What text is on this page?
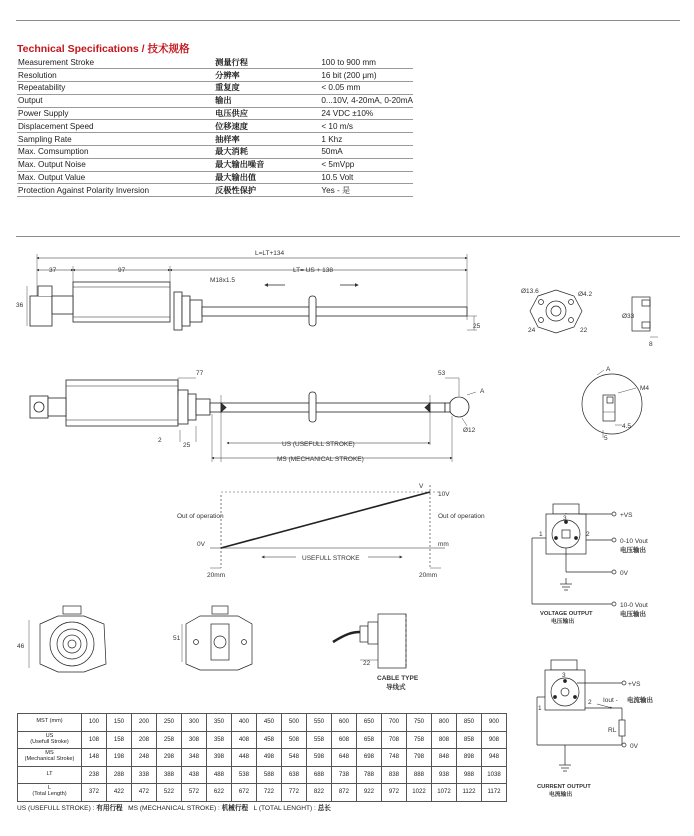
Technical Specifications / 技术规格
Measurement Stroke	测量行程	100 to 900 mm
Resolution	分辨率	16 bit (200 μm)
Repeatability	重复度	< 0.05 mm
Output	输出	0...10V, 4-20mA, 0-20mA
Power Supply	电压供应	24 VDC ±10%
Displacement Speed	位移速度	< 10 m/s
Sampling Rate	抽样率	1 Khz
Max. Comsumption	最大消耗	50mA
Max. Output Noise	最大输出噪音	< 5mVpp
Max. Output Value	最大输出值	10.5 Volt
Protection Against Polarity Inversion	反极性保护	Yes - 是
L=LT+134
37	97	LT= US + 138
M18x1.5
36
25
Ø13.6	Ø4.2
24	22
Ø33
8
77	53
A
2
25
Ø12
US (USEFULL STROKE)
MS (MECHANICAL STROKE)
A
M4
4.5
5
V
10V
0V	mm
Out of operation	Out of operation
USEFULL STROKE
20mm	20mm
46
51
22
CABLE TYPE
导线式
+VS
0-10 Vout
电压输出
0V
10-0 Vout
电压输出
1	2
3
VOLTAGE OUTPUT
电压输出
+VS
Iout - 电流输出
RL
0V
1
2
3
CURRENT OUTPUT
电流输出
MST (mm)	100	150	200	250	300	350	400	450	500	550	600	650	700	750	800	850	900
US
(Usefull Stroke)	108	158	208	258	308	358	408	458	508	558	608	658	708	758	808	858	908
MS
(Mechanical Stroke)	148	198	248	298	348	398	448	498	548	598	648	698	748	798	848	898	948
LT	238	288	338	388	438	488	538	588	638	688	738	788	838	888	938	988	1038
L
(Total Length)	372	422	472	522	572	622	672	722	772	822	872	922	972	1022	1072	1122	1172
US (USEFULL STROKE) : 有用行程   MS (MECHANICAL STROKE) : 机械行程   L (TOTAL LENGHT) : 总长
